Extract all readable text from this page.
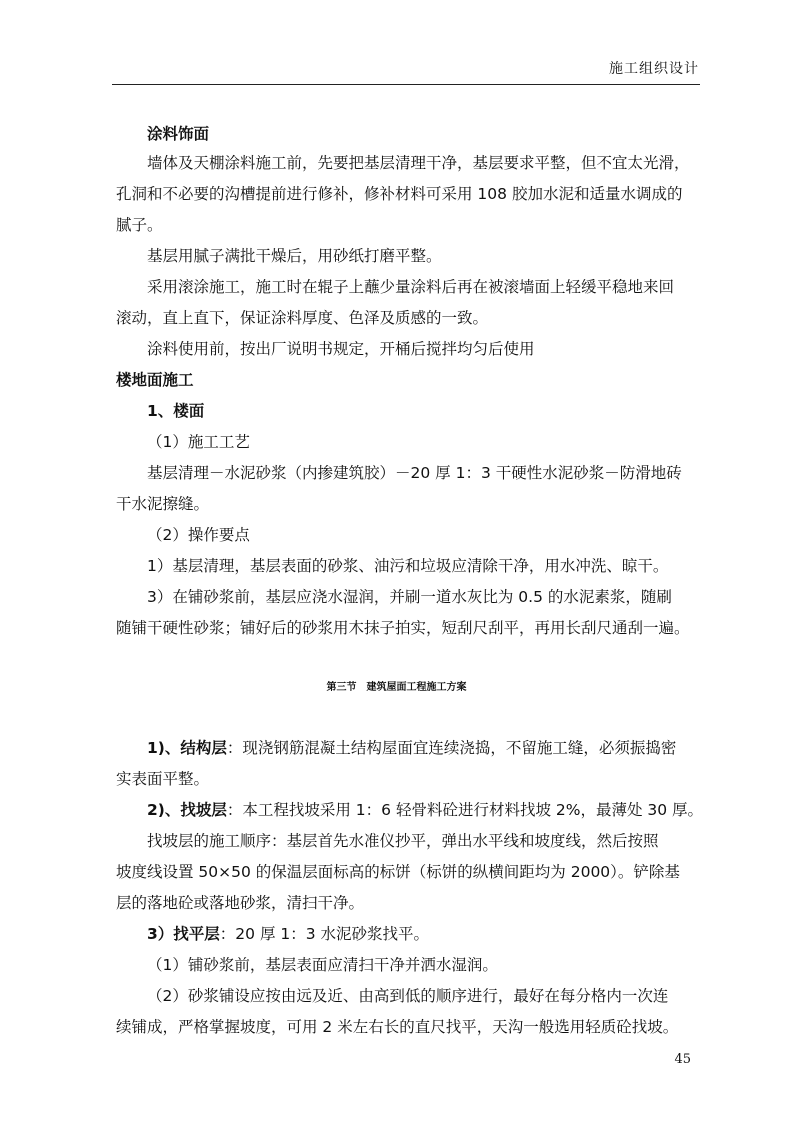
施工组织设计
涂料饰面
墙体及天棚涂料施工前，先要把基层清理干净，基层要求平整，但不宜太光滑，
孔洞和不必要的沟槽提前进行修补，修补材料可采用 108 胶加水泥和适量水调成的
腻子。
基层用腻子满批干燥后，用砂纸打磨平整。
采用滚涂施工，施工时在辊子上蘸少量涂料后再在被滚墙面上轻缓平稳地来回
滚动，直上直下，保证涂料厚度、色泽及质感的一致。
涂料使用前，按出厂说明书规定，开桶后搅拌均匀后使用
楼地面施工
1、楼面
（1）施工工艺
基层清理－水泥砂浆（内掺建筑胶）－20 厚 1：3 干硬性水泥砂浆－防滑地砖
干水泥擦缝。
（2）操作要点
1）基层清理，基层表面的砂浆、油污和垃圾应清除干净，用水冲洗、晾干。
3）在铺砂浆前，基层应浇水湿润，并刷一道水灰比为 0.5 的水泥素浆，随刷
随铺干硬性砂浆；铺好后的砂浆用木抹子拍实，短刮尺刮平，再用长刮尺通刮一遍。
第三节　建筑屋面工程施工方案
1)、结构层：现浇钢筋混凝土结构屋面宜连续浇捣，不留施工缝，必须振捣密
实表面平整。
2)、找坡层：本工程找坡采用 1：6 轻骨料砼进行材料找坡 2%，最薄处 30 厚。
找坡层的施工顺序：基层首先水准仪抄平，弹出水平线和坡度线，然后按照
坡度线设置 50×50 的保温层面标高的标饼（标饼的纵横间距均为 2000）。铲除基
层的落地砼或落地砂浆，清扫干净。
3）找平层：20 厚 1：3 水泥砂浆找平。
（1）铺砂浆前，基层表面应清扫干净并洒水湿润。
（2）砂浆铺设应按由远及近、由高到低的顺序进行，最好在每分格内一次连
续铺成，严格掌握坡度，可用 2 米左右长的直尺找平，天沟一般选用轻质砼找坡。
45
